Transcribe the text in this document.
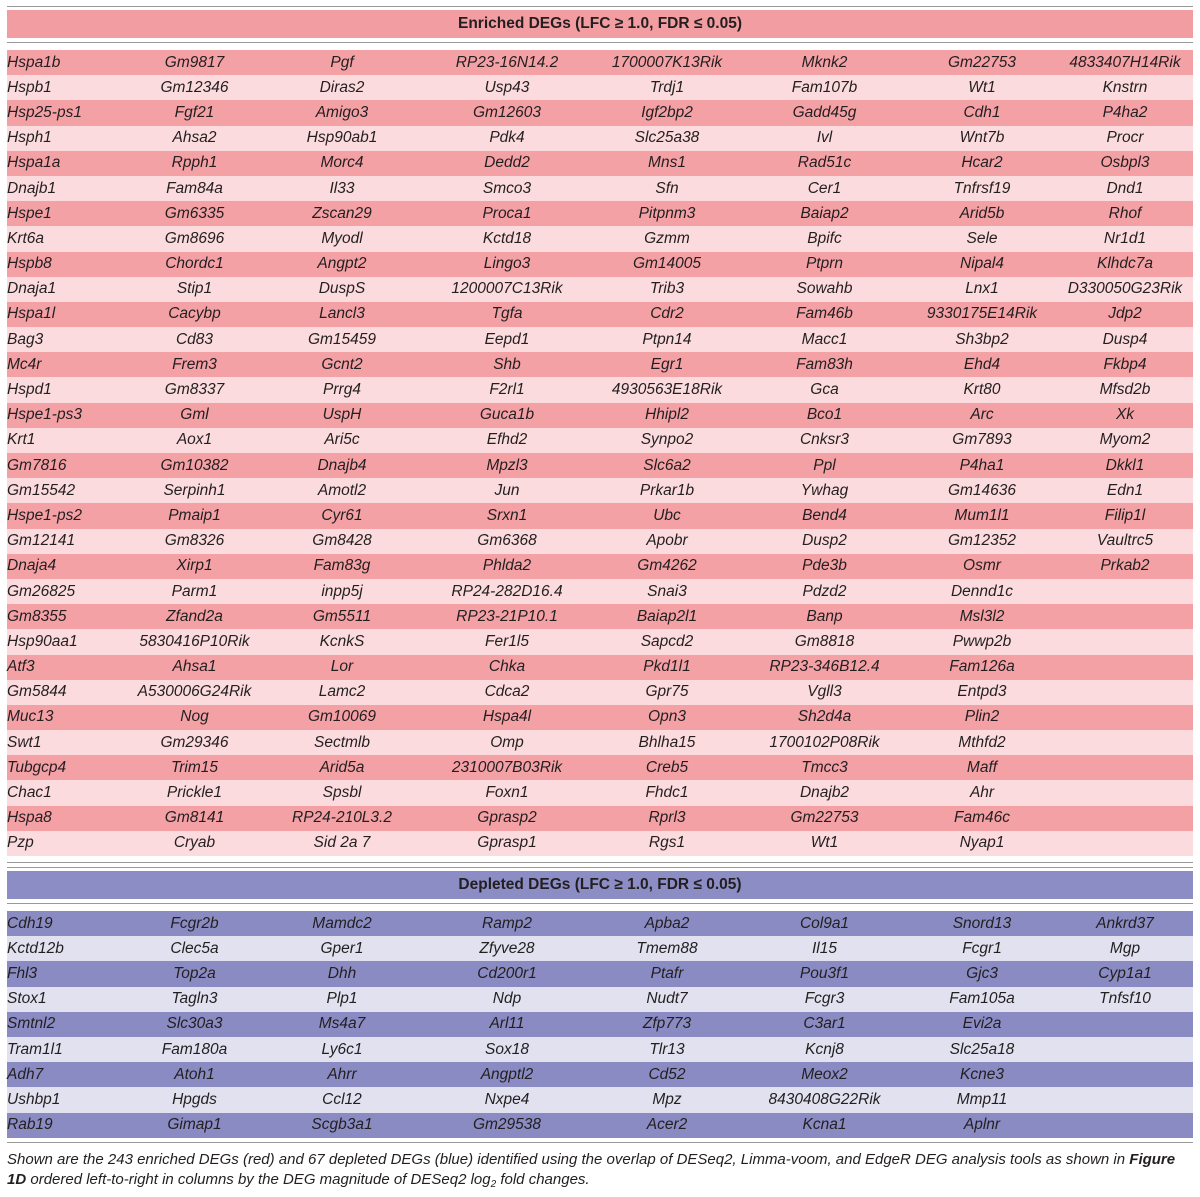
Enriched DEGs (LFC ≥ 1.0, FDR ≤ 0.05)
Hspa1b	Gm9817	Pgf	RP23-16N14.2	1700007K13Rik	Mknk2	Gm22753	4833407H14Rik
Hspb1	Gm12346	Diras2	Usp43	Trdj1	Fam107b	Wt1	Knstrn
Hsp25-ps1	Fgf21	Amigo3	Gm12603	Igf2bp2	Gadd45g	Cdh1	P4ha2
Hsph1	Ahsa2	Hsp90ab1	Pdk4	Slc25a38	Ivl	Wnt7b	Procr
Hspa1a	Rpph1	Morc4	Dedd2	Mns1	Rad51c	Hcar2	Osbpl3
Dnajb1	Fam84a	Il33	Smco3	Sfn	Cer1	Tnfrsf19	Dnd1
Hspe1	Gm6335	Zscan29	Proca1	Pitpnm3	Baiap2	Arid5b	Rhof
Krt6a	Gm8696	Myodl	Kctd18	Gzmm	Bpifc	Sele	Nr1d1
Hspb8	Chordc1	Angpt2	Lingo3	Gm14005	Ptprn	Nipal4	Klhdc7a
Dnaja1	Stip1	DuspS	1200007C13Rik	Trib3	Sowahb	Lnx1	D330050G23Rik
Hspa1l	Cacybp	Lancl3	Tgfa	Cdr2	Fam46b	9330175E14Rik	Jdp2
Bag3	Cd83	Gm15459	Eepd1	Ptpn14	Macc1	Sh3bp2	Dusp4
Mc4r	Frem3	Gcnt2	Shb	Egr1	Fam83h	Ehd4	Fkbp4
Hspd1	Gm8337	Prrg4	F2rl1	4930563E18Rik	Gca	Krt80	Mfsd2b
Hspe1-ps3	Gml	UspH	Guca1b	Hhipl2	Bco1	Arc	Xk
Krt1	Aox1	Ari5c	Efhd2	Synpo2	Cnksr3	Gm7893	Myom2
Gm7816	Gm10382	Dnajb4	Mpzl3	Slc6a2	Ppl	P4ha1	Dkkl1
Gm15542	Serpinh1	Amotl2	Jun	Prkar1b	Ywhag	Gm14636	Edn1
Hspe1-ps2	Pmaip1	Cyr61	Srxn1	Ubc	Bend4	Mum1l1	Filip1l
Gm12141	Gm8326	Gm8428	Gm6368	Apobr	Dusp2	Gm12352	Vaultrc5
Dnaja4	Xirp1	Fam83g	Phlda2	Gm4262	Pde3b	Osmr	Prkab2
Gm26825	Parm1	inpp5j	RP24-282D16.4	Snai3	Pdzd2	Dennd1c
Gm8355	Zfand2a	Gm5511	RP23-21P10.1	Baiap2l1	Banp	Msl3l2
Hsp90aa1	5830416P10Rik	KcnkS	Fer1l5	Sapcd2	Gm8818	Pwwp2b
Atf3	Ahsa1	Lor	Chka	Pkd1l1	RP23-346B12.4	Fam126a
Gm5844	A530006G24Rik	Lamc2	Cdca2	Gpr75	Vgll3	Entpd3
Muc13	Nog	Gm10069	Hspa4l	Opn3	Sh2d4a	Plin2
Swt1	Gm29346	Sectmlb	Omp	Bhlha15	1700102P08Rik	Mthfd2
Tubgcp4	Trim15	Arid5a	2310007B03Rik	Creb5	Tmcc3	Maff
Chac1	Prickle1	Spsbl	Foxn1	Fhdc1	Dnajb2	Ahr
Hspa8	Gm8141	RP24-210L3.2	Gprasp2	Rprl3	Gm22753	Fam46c
Pzp	Cryab	Sid 2a 7	Gprasp1	Rgs1	Wt1	Nyap1
Depleted DEGs (LFC ≥ 1.0, FDR ≤ 0.05)
Cdh19	Fcgr2b	Mamdc2	Ramp2	Apba2	Col9a1	Snord13	Ankrd37
Kctd12b	Clec5a	Gper1	Zfyve28	Tmem88	Il15	Fcgr1	Mgp
Fhl3	Top2a	Dhh	Cd200r1	Ptafr	Pou3f1	Gjc3	Cyp1a1
Stox1	Tagln3	Plp1	Ndp	Nudt7	Fcgr3	Fam105a	Tnfsf10
Smtnl2	Slc30a3	Ms4a7	Arl11	Zfp773	C3ar1	Evi2a
Tram1l1	Fam180a	Ly6c1	Sox18	Tlr13	Kcnj8	Slc25a18
Adh7	Atoh1	Ahrr	Angptl2	Cd52	Meox2	Kcne3
Ushbp1	Hpgds	Ccl12	Nxpe4	Mpz	8430408G22Rik	Mmp11
Rab19	Gimap1	Scgb3a1	Gm29538	Acer2	Kcna1	Aplnr
Shown are the 243 enriched DEGs (red) and 67 depleted DEGs (blue) identified using the overlap of DESeq2, Limma-voom, and EdgeR DEG analysis tools as shown in Figure 1D ordered left-to-right in columns by the DEG magnitude of DESeq2 $\log_2$ fold changes.
